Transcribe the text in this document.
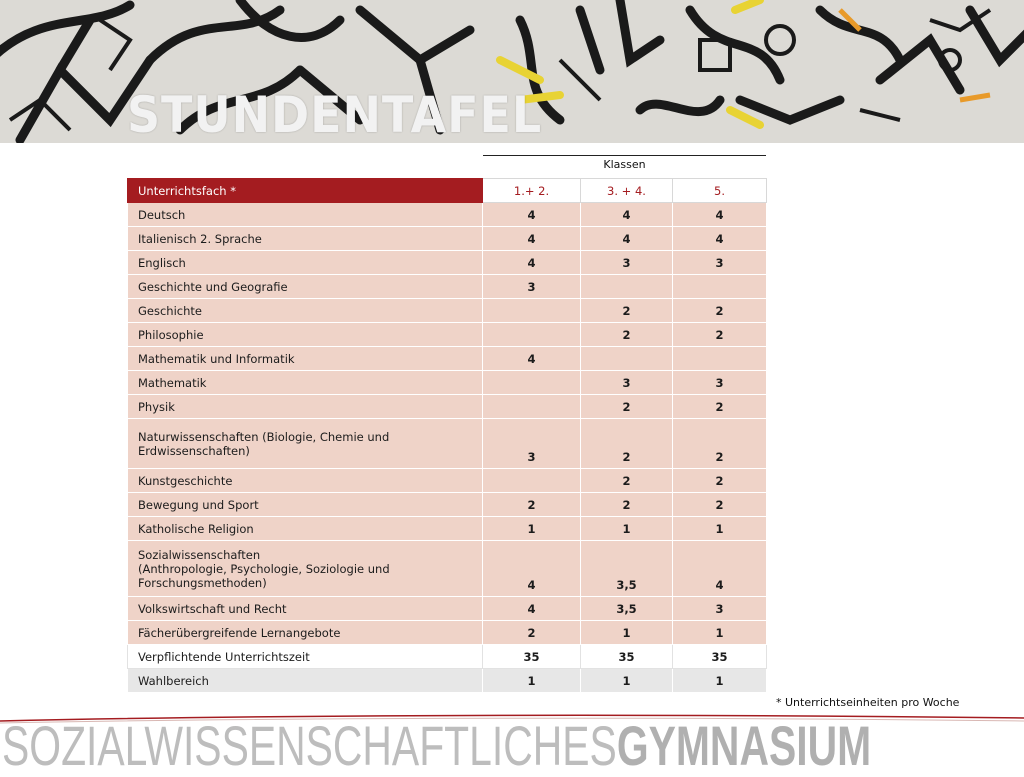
STUNDENTAFEL
Klassen
Unterrichtsfach *	1.+ 2.	3. + 4.	5.
Deutsch	4	4	4
Italienisch 2. Sprache	4	4	4
Englisch	4	3	3
Geschichte und Geografie	3		
Geschichte		2	2
Philosophie		2	2
Mathematik und Informatik	4		
Mathematik		3	3
Physik		2	2

Naturwissenschaften (Biologie, Chemie und
Erdwissenschaften)	3	2	2
Kunstgeschichte		2	2
Bewegung und Sport	2	2	2
Katholische Religion	1	1	1

Sozialwissenschaften
(Anthropologie, Psychologie, Soziologie und
Forschungsmethoden)	4	3,5	4
Volkswirtschaft und Recht	4	3,5	3
Fächerübergreifende Lernangebote	2	1	1
Verpflichtende Unterrichtszeit	35	35	35
Wahlbereich	1	1	1
* Unterrichtseinheiten pro Woche
SOZIALWISSENSCHAFTLICHESGYMNASIUM
